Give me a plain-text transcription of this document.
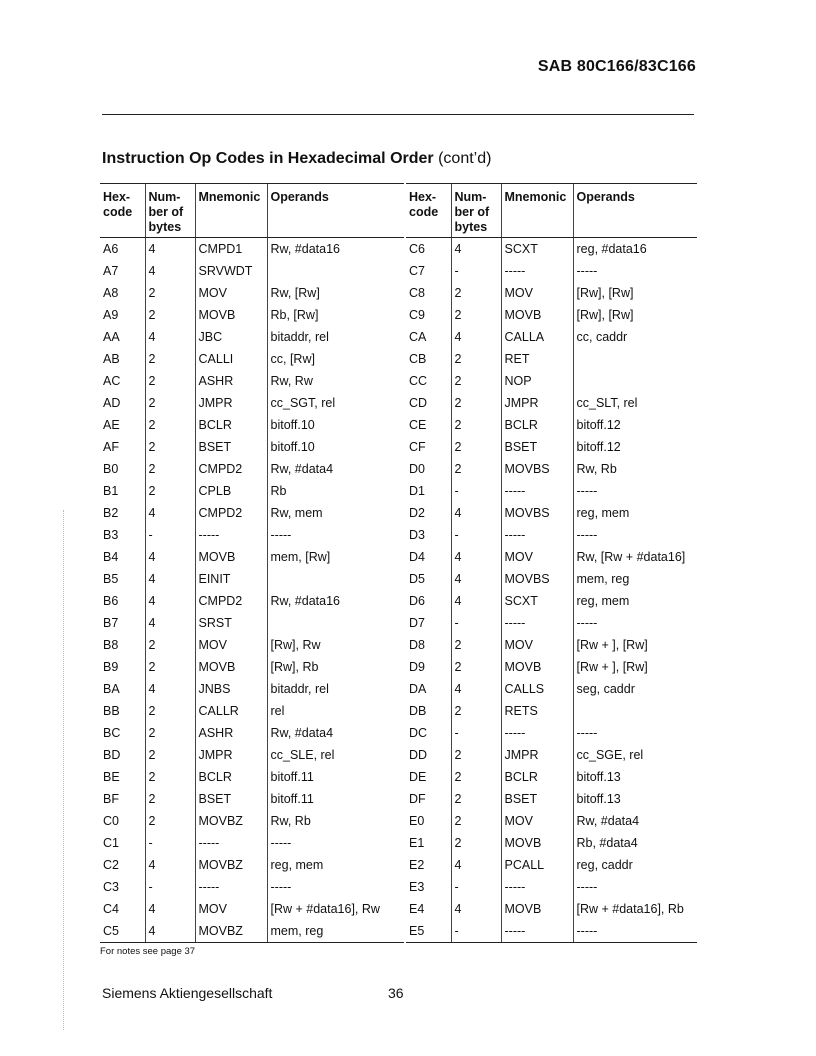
SAB 80C166/83C166
Instruction Op Codes in Hexadecimal Order (cont’d)
Hex-
code	Num-
ber of
bytes	Mnemonic	Operands
A6	4	CMPD1	Rw, #data16
A7	4	SRVWDT	
A8	2	MOV	Rw, [Rw]
A9	2	MOVB	Rb, [Rw]
AA	4	JBC	bitaddr, rel
AB	2	CALLI	cc, [Rw]
AC	2	ASHR	Rw, Rw
AD	2	JMPR	cc_SGT, rel
AE	2	BCLR	bitoff.10
AF	2	BSET	bitoff.10
B0	2	CMPD2	Rw, #data4
B1	2	CPLB	Rb
B2	4	CMPD2	Rw, mem
B3	-	-----	-----
B4	4	MOVB	mem, [Rw]
B5	4	EINIT	
B6	4	CMPD2	Rw, #data16
B7	4	SRST	
B8	2	MOV	[Rw], Rw
B9	2	MOVB	[Rw], Rb
BA	4	JNBS	bitaddr, rel
BB	2	CALLR	rel
BC	2	ASHR	Rw, #data4
BD	2	JMPR	cc_SLE, rel
BE	2	BCLR	bitoff.11
BF	2	BSET	bitoff.11
C0	2	MOVBZ	Rw, Rb
C1	-	-----	-----
C2	4	MOVBZ	reg, mem
C3	-	-----	-----
C4	4	MOV	[Rw + #data16], Rw
C5	4	MOVBZ	mem, reg
Hex-
code	Num-
ber of
bytes	Mnemonic	Operands
C6	4	SCXT	reg, #data16
C7	-	-----	-----
C8	2	MOV	[Rw], [Rw]
C9	2	MOVB	[Rw], [Rw]
CA	4	CALLA	cc, caddr
CB	2	RET	
CC	2	NOP	
CD	2	JMPR	cc_SLT, rel
CE	2	BCLR	bitoff.12
CF	2	BSET	bitoff.12
D0	2	MOVBS	Rw, Rb
D1	-	-----	-----
D2	4	MOVBS	reg, mem
D3	-	-----	-----
D4	4	MOV	Rw, [Rw + #data16]
D5	4	MOVBS	mem, reg
D6	4	SCXT	reg, mem
D7	-	-----	-----
D8	2	MOV	[Rw + ], [Rw]
D9	2	MOVB	[Rw + ], [Rw]
DA	4	CALLS	seg, caddr
DB	2	RETS	
DC	-	-----	-----
DD	2	JMPR	cc_SGE, rel
DE	2	BCLR	bitoff.13
DF	2	BSET	bitoff.13
E0	2	MOV	Rw, #data4
E1	2	MOVB	Rb, #data4
E2	4	PCALL	reg, caddr
E3	-	-----	-----
E4	4	MOVB	[Rw + #data16], Rb
E5	-	-----	-----
For notes see page 37
Siemens Aktiengesellschaft	36
